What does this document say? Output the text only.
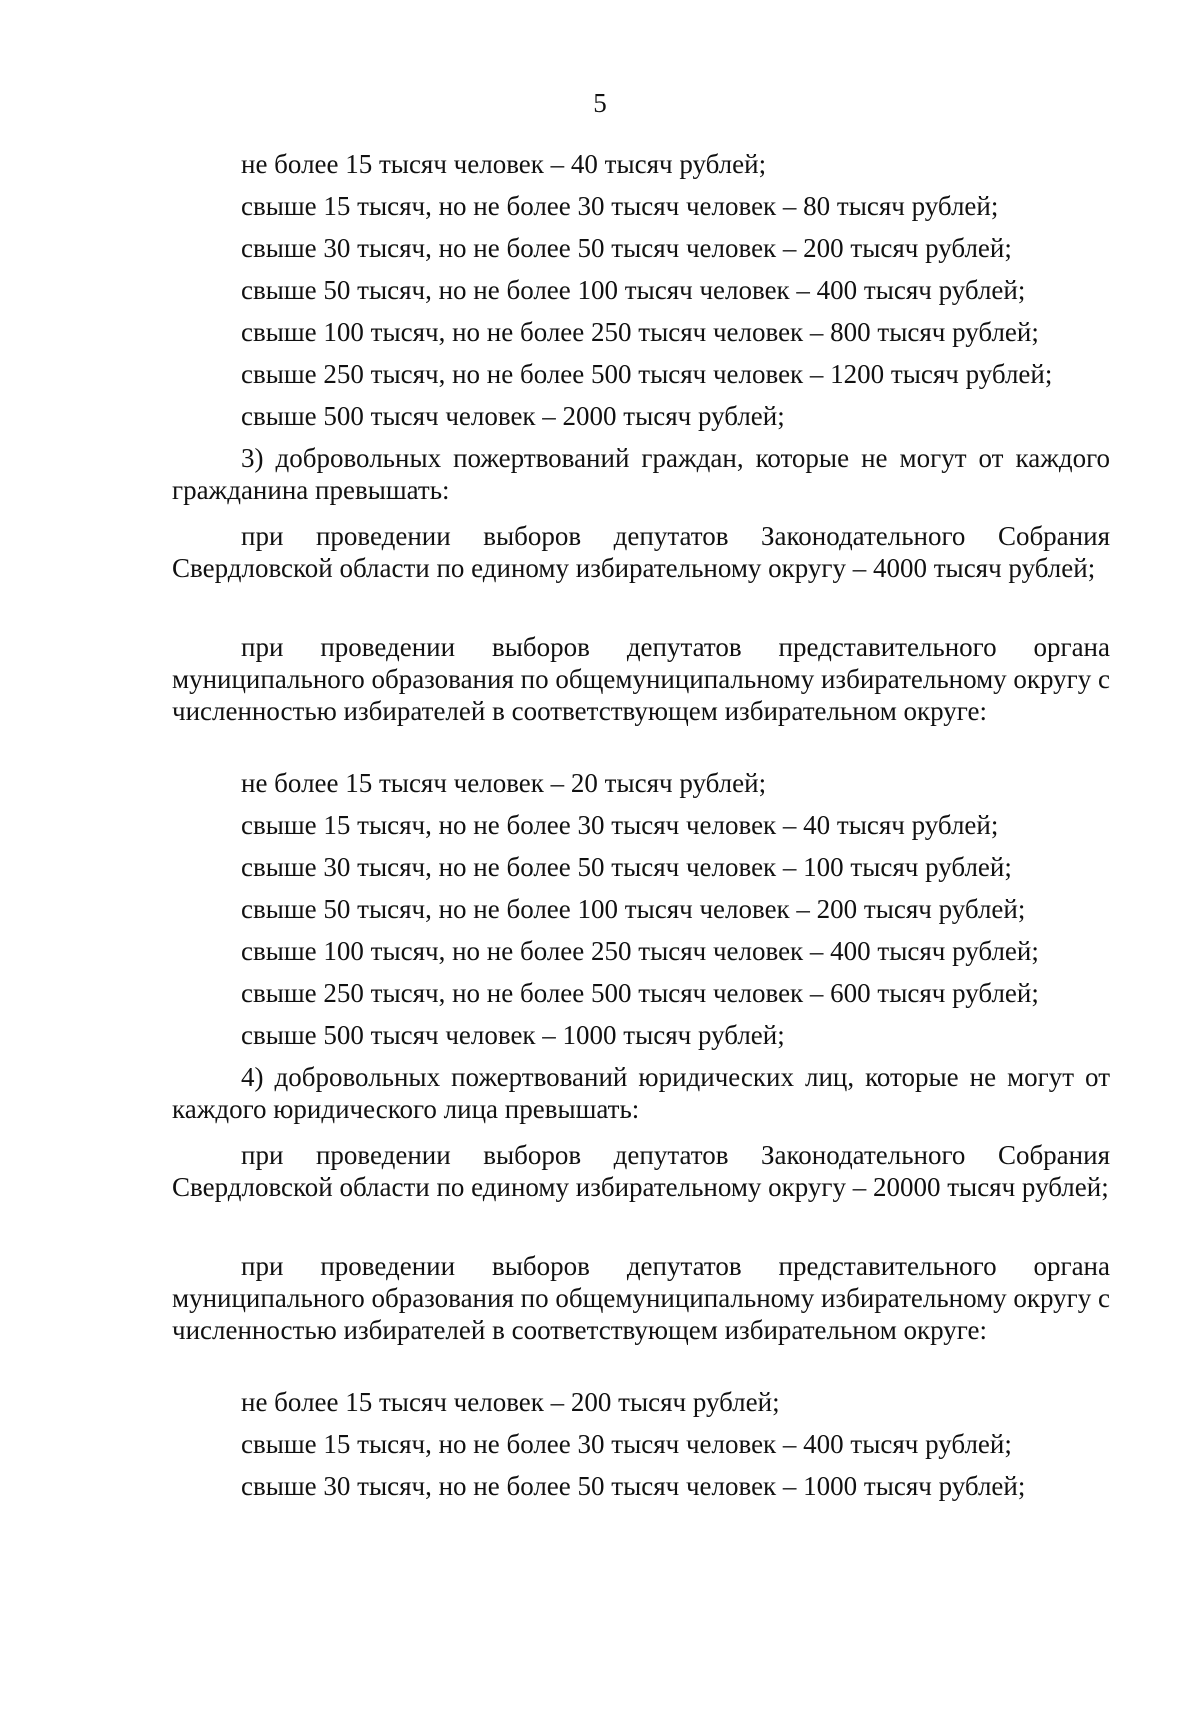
5
не более 15 тысяч человек – 40 тысяч рублей;
свыше 15 тысяч, но не более 30 тысяч человек – 80 тысяч рублей;
свыше 30 тысяч, но не более 50 тысяч человек – 200 тысяч рублей;
свыше 50 тысяч, но не более 100 тысяч человек – 400 тысяч рублей;
свыше 100 тысяч, но не более 250 тысяч человек – 800 тысяч рублей;
свыше 250 тысяч, но не более 500 тысяч человек – 1200 тысяч рублей;
свыше 500 тысяч человек – 2000 тысяч рублей;
3) добровольных пожертвований граждан, которые не могут от каждого гражданина превышать:
при проведении выборов депутатов Законодательного Собрания Свердловской области по единому избирательному округу – 4000 тысяч рублей;
при проведении выборов депутатов представительного органа муниципального образования по общемуниципальному избирательному округу с численностью избирателей в соответствующем избирательном округе:
не более 15 тысяч человек – 20 тысяч рублей;
свыше 15 тысяч, но не более 30 тысяч человек – 40 тысяч рублей;
свыше 30 тысяч, но не более 50 тысяч человек – 100 тысяч рублей;
свыше 50 тысяч, но не более 100 тысяч человек – 200 тысяч рублей;
свыше 100 тысяч, но не более 250 тысяч человек – 400 тысяч рублей;
свыше 250 тысяч, но не более 500 тысяч человек – 600 тысяч рублей;
свыше 500 тысяч человек – 1000 тысяч рублей;
4) добровольных пожертвований юридических лиц, которые не могут от каждого юридического лица превышать:
при проведении выборов депутатов Законодательного Собрания Свердловской области по единому избирательному округу – 20000 тысяч рублей;
при проведении выборов депутатов представительного органа муниципального образования по общемуниципальному избирательному округу с численностью избирателей в соответствующем избирательном округе:
не более 15 тысяч человек – 200 тысяч рублей;
свыше 15 тысяч, но не более 30 тысяч человек – 400 тысяч рублей;
свыше 30 тысяч, но не более 50 тысяч человек – 1000 тысяч рублей;
